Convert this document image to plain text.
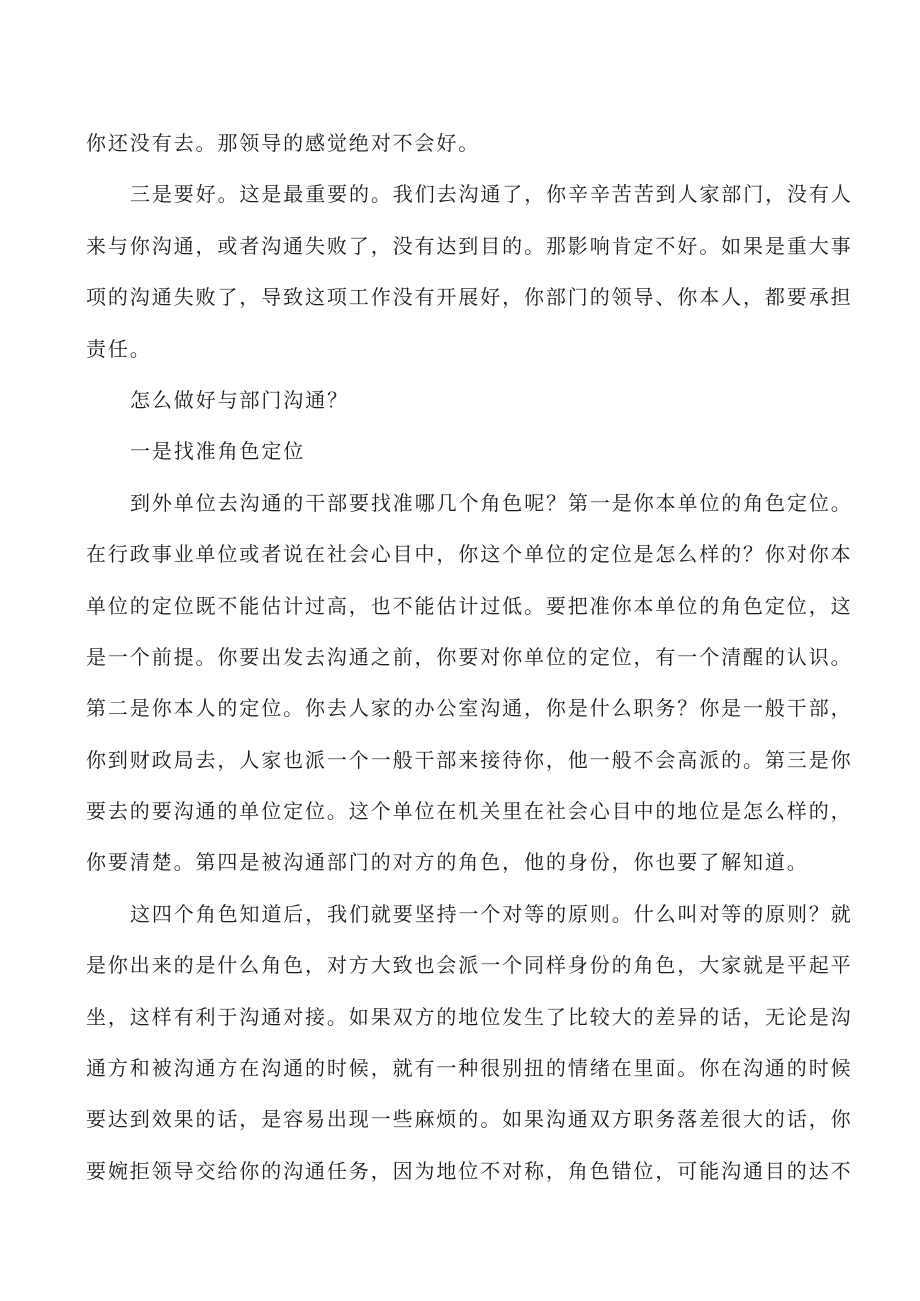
你还没有去。那领导的感觉绝对不会好。
三是要好。这是最重要的。我们去沟通了，你辛辛苦苦到人家部门，没有人
来与你沟通，或者沟通失败了，没有达到目的。那影响肯定不好。如果是重大事
项的沟通失败了，导致这项工作没有开展好，你部门的领导、你本人，都要承担
责任。
怎么做好与部门沟通？
一是找准角色定位
到外单位去沟通的干部要找准哪几个角色呢？第一是你本单位的角色定位。
在行政事业单位或者说在社会心目中，你这个单位的定位是怎么样的？你对你本
单位的定位既不能估计过高，也不能估计过低。要把准你本单位的角色定位，这
是一个前提。你要出发去沟通之前，你要对你单位的定位，有一个清醒的认识。
第二是你本人的定位。你去人家的办公室沟通，你是什么职务？你是一般干部，
你到财政局去，人家也派一个一般干部来接待你，他一般不会高派的。第三是你
要去的要沟通的单位定位。这个单位在机关里在社会心目中的地位是怎么样的，
你要清楚。第四是被沟通部门的对方的角色，他的身份，你也要了解知道。
这四个角色知道后，我们就要坚持一个对等的原则。什么叫对等的原则？就
是你出来的是什么角色，对方大致也会派一个同样身份的角色，大家就是平起平
坐，这样有利于沟通对接。如果双方的地位发生了比较大的差异的话，无论是沟
通方和被沟通方在沟通的时候，就有一种很别扭的情绪在里面。你在沟通的时候
要达到效果的话，是容易出现一些麻烦的。如果沟通双方职务落差很大的话，你
要婉拒领导交给你的沟通任务，因为地位不对称，角色错位，可能沟通目的达不
